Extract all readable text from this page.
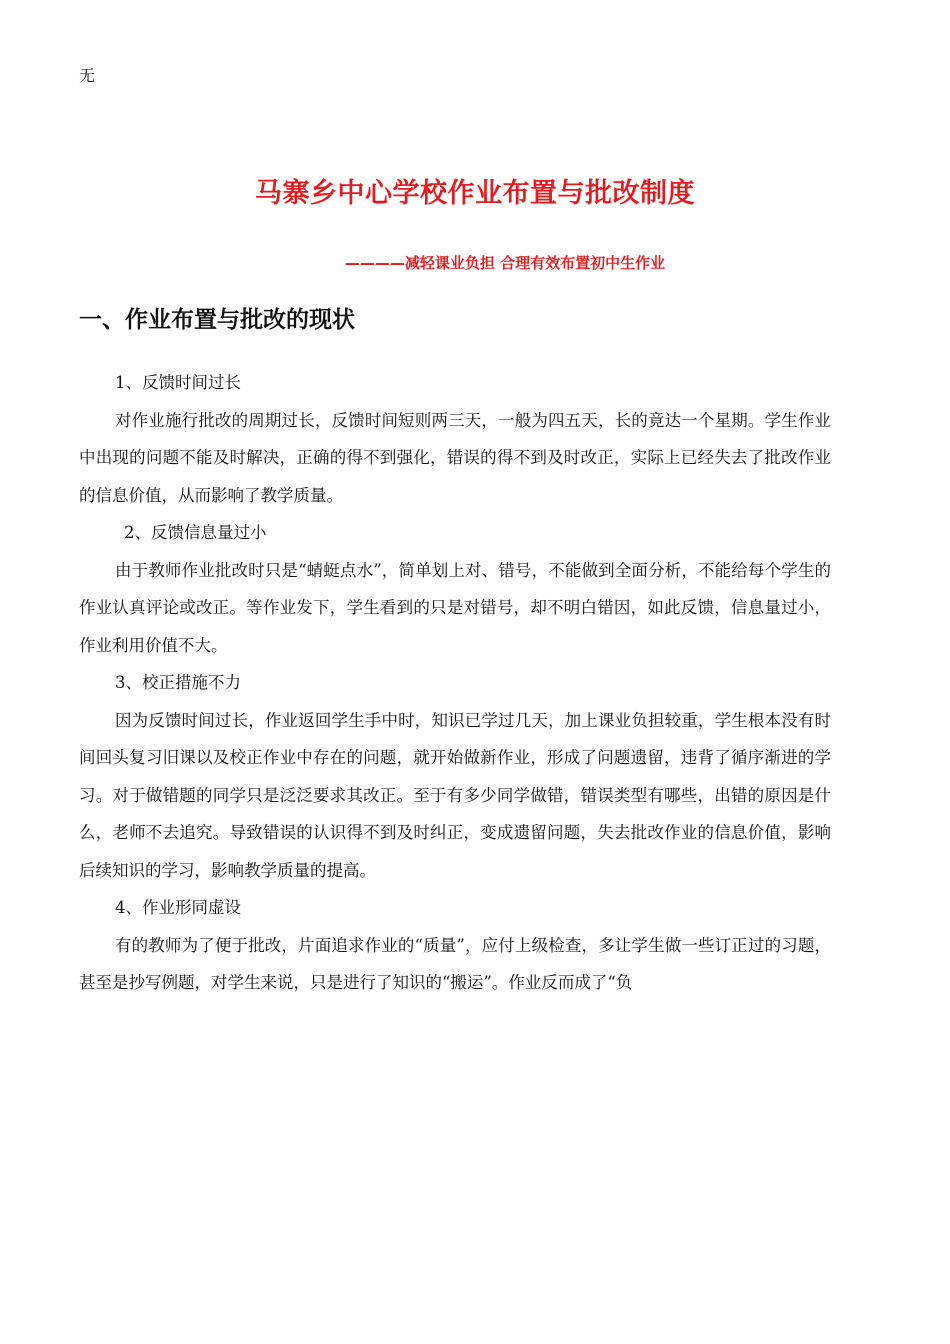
无
马寨乡中心学校作业布置与批改制度
————减轻课业负担 合理有效布置初中生作业
一、作业布置与批改的现状

1、反馈时间过长

对作业施行批改的周期过长，反馈时间短则两三天，一般为四五天，长的竟达一个星期。学生作业中出现的问题不能及时解决，正确的得不到强化，错误的得不到及时改正，实际上已经失去了批改作业的信息价值，从而影响了教学质量。

2、反馈信息量过小

由于教师作业批改时只是“蜻蜓点水”，简单划上对、错号，不能做到全面分析，不能给每个学生的作业认真评论或改正。等作业发下，学生看到的只是对错号，却不明白错因，如此反馈，信息量过小，作业利用价值不大。

3、校正措施不力

因为反馈时间过长，作业返回学生手中时，知识已学过几天，加上课业负担较重，学生根本没有时间回头复习旧课以及校正作业中存在的问题，就开始做新作业，形成了问题遗留，违背了循序渐进的学习。对于做错题的同学只是泛泛要求其改正。至于有多少同学做错，错误类型有哪些，出错的原因是什么，老师不去追究。导致错误的认识得不到及时纠正，变成遗留问题，失去批改作业的信息价值，影响后续知识的学习，影响教学质量的提高。

4、作业形同虚设

有的教师为了便于批改，片面追求作业的“质量”，应付上级检查，多让学生做一些订正过的习题，甚至是抄写例题，对学生来说，只是进行了知识的“搬运”。作业反而成了“负
